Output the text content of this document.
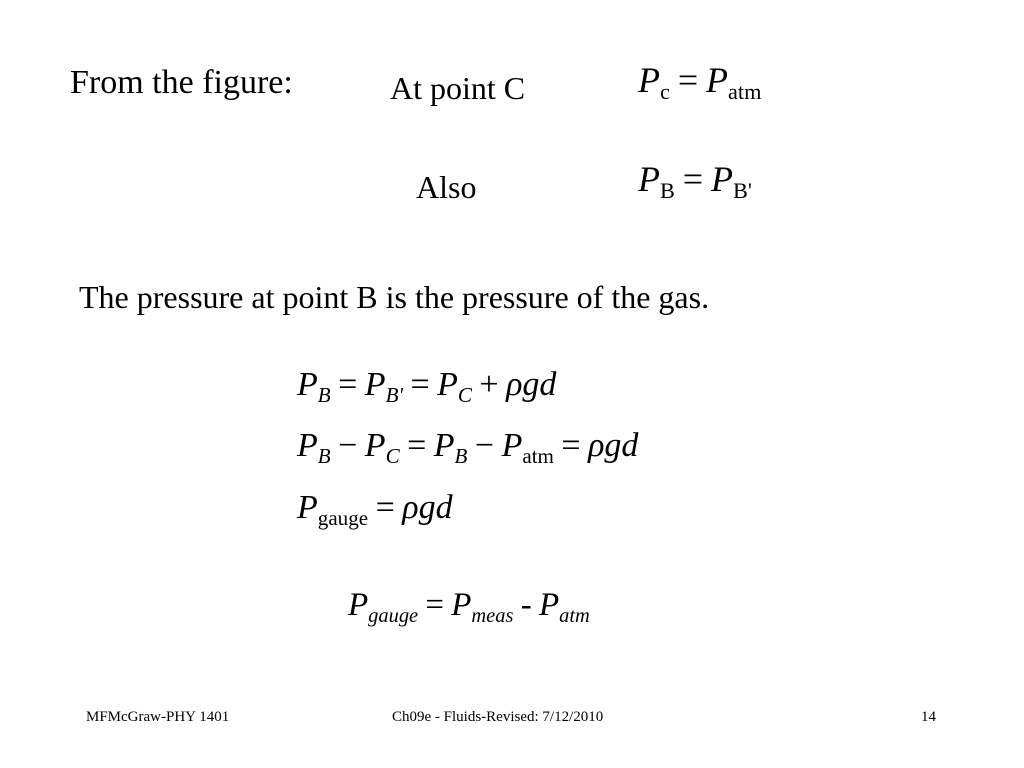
From the figure:	At point C	Pc = Patm
Also	PB = PB'
The pressure at point B is the pressure of the gas.
PB = PB' = PC + ρgd
PB − PC = PB − Patm = ρgd
Pgauge = ρgd
Pgauge = Pmeas - Patm
MFMcGraw-PHY 1401	Ch09e - Fluids-Revised: 7/12/2010	14
